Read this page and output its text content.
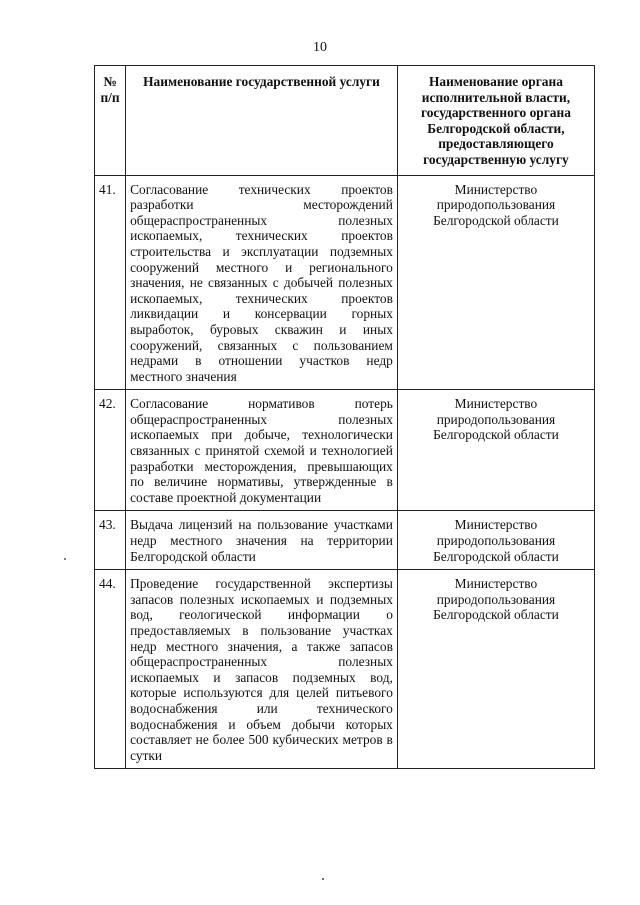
10
№ п/п	Наименование государственной услуги	Наименование органа исполнительной власти, государственного органа Белгородской области, предоставляющего государственную услугу
41.	Согласование технических проектов разработки месторождений общераспространенных полезных ископаемых, технических проектов строительства и эксплуатации подземных сооружений местного и регионального значения, не связанных с добычей полезных ископаемых, технических проектов ликвидации и консервации горных выработок, буровых скважин и иных сооружений, связанных с пользованием недрами в отношении участков недр местного значения	Министерство природопользования Белгородской области
42.	Согласование нормативов потерь общераспространенных полезных ископаемых при добыче, технологически связанных с принятой схемой и технологией разработки месторождения, превышающих по величине нормативы, утвержденные в составе проектной документации	Министерство природопользования Белгородской области
43.	Выдача лицензий на пользование участками недр местного значения на территории Белгородской области	Министерство природопользования Белгородской области
44.	Проведение государственной экспертизы запасов полезных ископаемых и подземных вод, геологической информации о предоставляемых в пользование участках недр местного значения, а также запасов общераспространенных полезных ископаемых и запасов подземных вод, которые используются для целей питьевого водоснабжения или технического водоснабжения и объем добычи которых составляет не более 500 кубических метров в сутки	Министерство природопользования Белгородской области
